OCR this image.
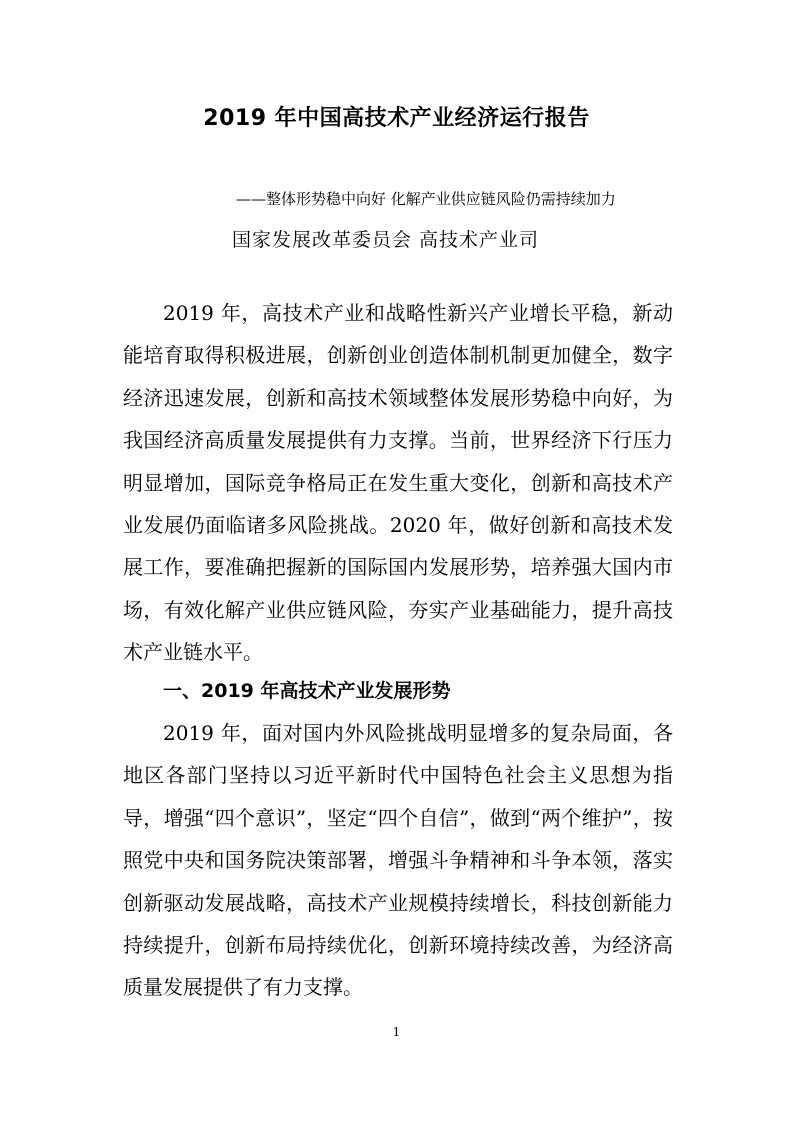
2019 年中国高技术产业经济运行报告

——整体形势稳中向好 化解产业供应链风险仍需持续加力

国家发展改革委员会 高技术产业司

2019 年，高技术产业和战略性新兴产业增长平稳，新动能培育取得积极进展，创新创业创造体制机制更加健全，数字经济迅速发展，创新和高技术领域整体发展形势稳中向好，为我国经济高质量发展提供有力支撑。当前，世界经济下行压力明显增加，国际竞争格局正在发生重大变化，创新和高技术产业发展仍面临诸多风险挑战。2020 年，做好创新和高技术发展工作，要准确把握新的国际国内发展形势，培养强大国内市场，有效化解产业供应链风险，夯实产业基础能力，提升高技术产业链水平。

一、2019 年高技术产业发展形势

2019 年，面对国内外风险挑战明显增多的复杂局面，各地区各部门坚持以习近平新时代中国特色社会主义思想为指导，增强“四个意识”，坚定“四个自信”，做到“两个维护”，按照党中央和国务院决策部署，增强斗争精神和斗争本领，落实创新驱动发展战略，高技术产业规模持续增长，科技创新能力持续提升，创新布局持续优化，创新环境持续改善，为经济高质量发展提供了有力支撑。

1
